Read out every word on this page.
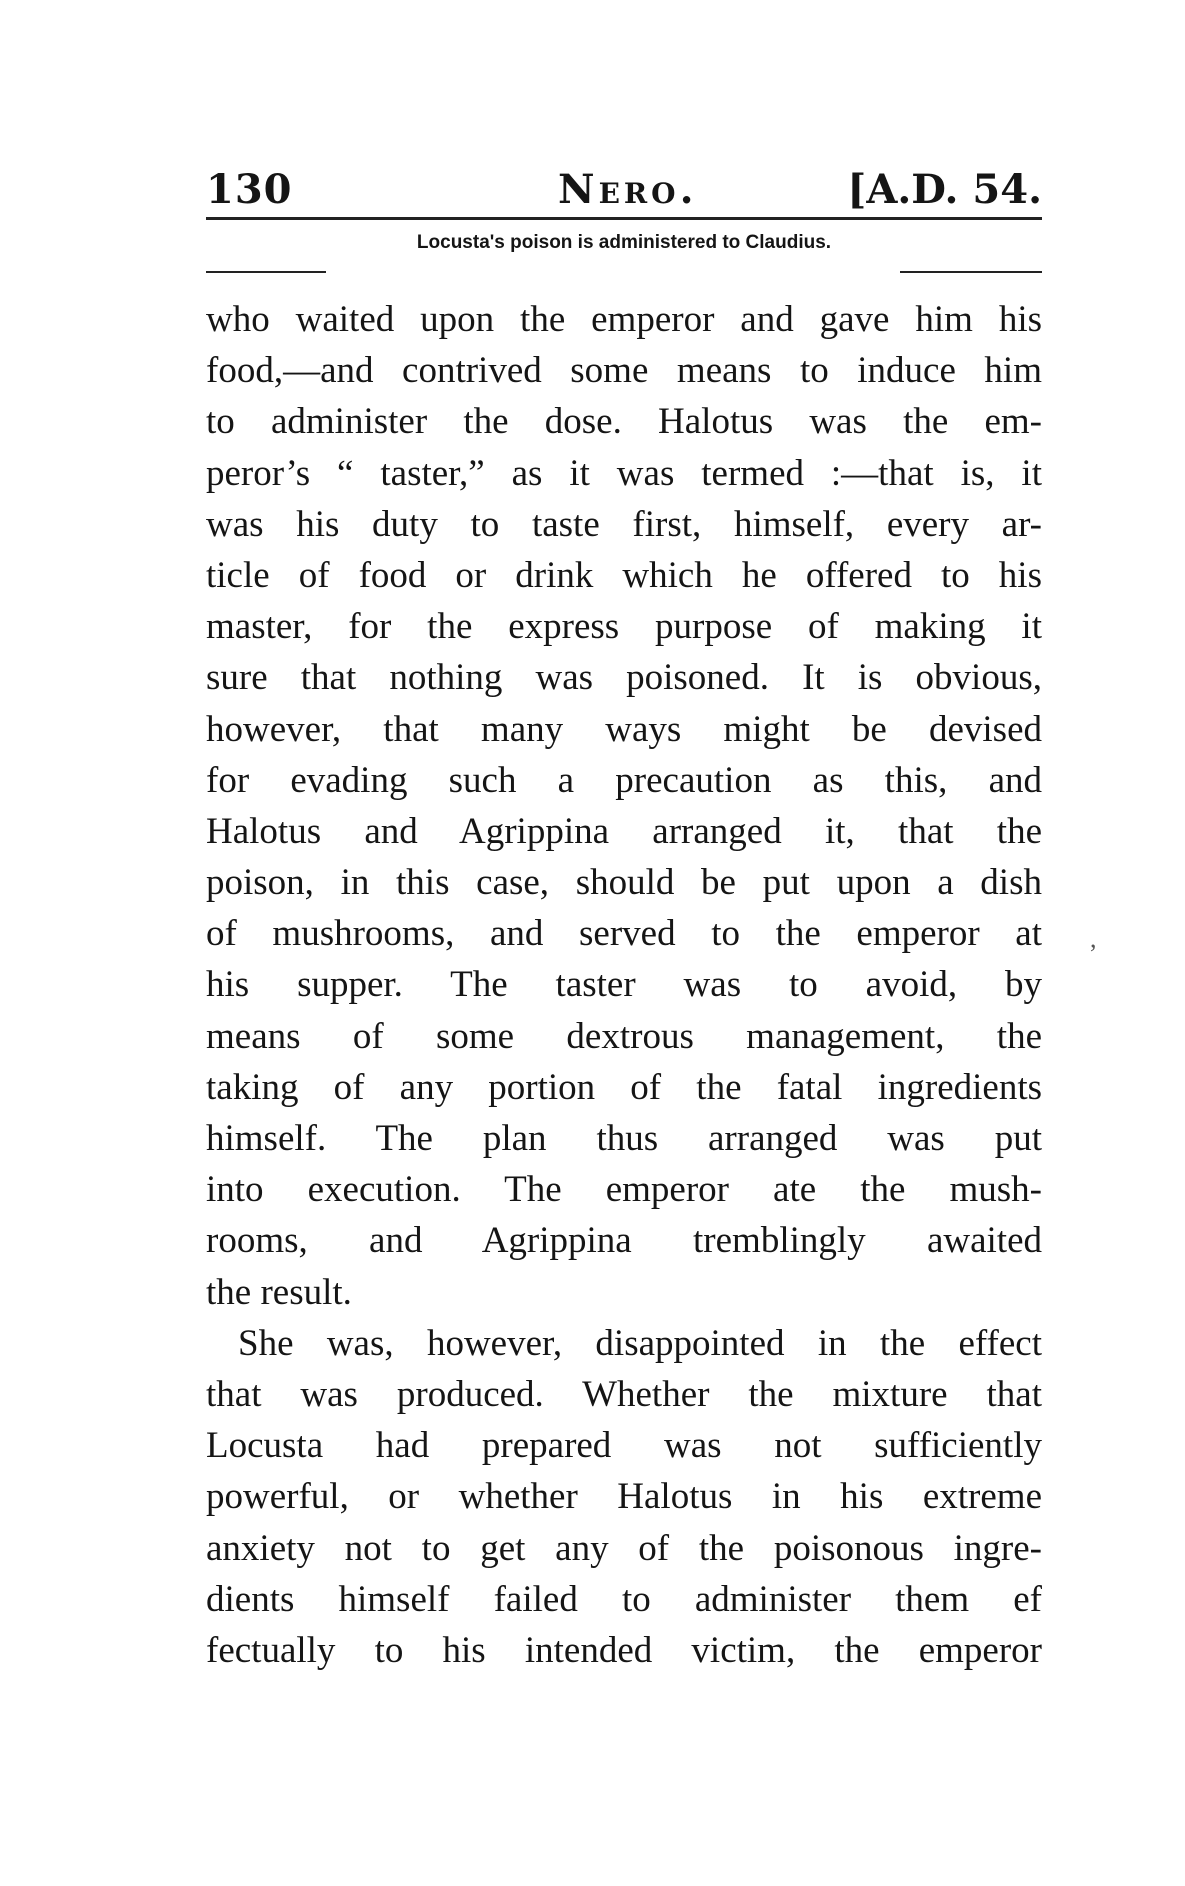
130	Nero.	[A.D. 54.
Locusta's poison is administered to Claudius.
who waited upon the emperor and gave him his
food,—and contrived some means to induce him
to administer the dose. Halotus was the em-
peror’s “ taster,” as it was termed :—that is, it
was his duty to taste first, himself, every ar-
ticle of food or drink which he offered to his
master, for the express purpose of making it
sure that nothing was poisoned. It is obvious,
however, that many ways might be devised
for evading such a precaution as this, and
Halotus and Agrippina arranged it, that the
poison, in this case, should be put upon a dish
of mushrooms, and served to the emperor at
his supper. The taster was to avoid, by
means of some dextrous management, the
taking of any portion of the fatal ingredients
himself. The plan thus arranged was put
into execution. The emperor ate the mush-
rooms, and Agrippina tremblingly awaited
the result.
She was, however, disappointed in the effect
that was produced. Whether the mixture that
Locusta had prepared was not sufficiently
powerful, or whether Halotus in his extreme
anxiety not to get any of the poisonous ingre-
dients himself failed to administer them ef
fectually to his intended victim, the emperor
,
